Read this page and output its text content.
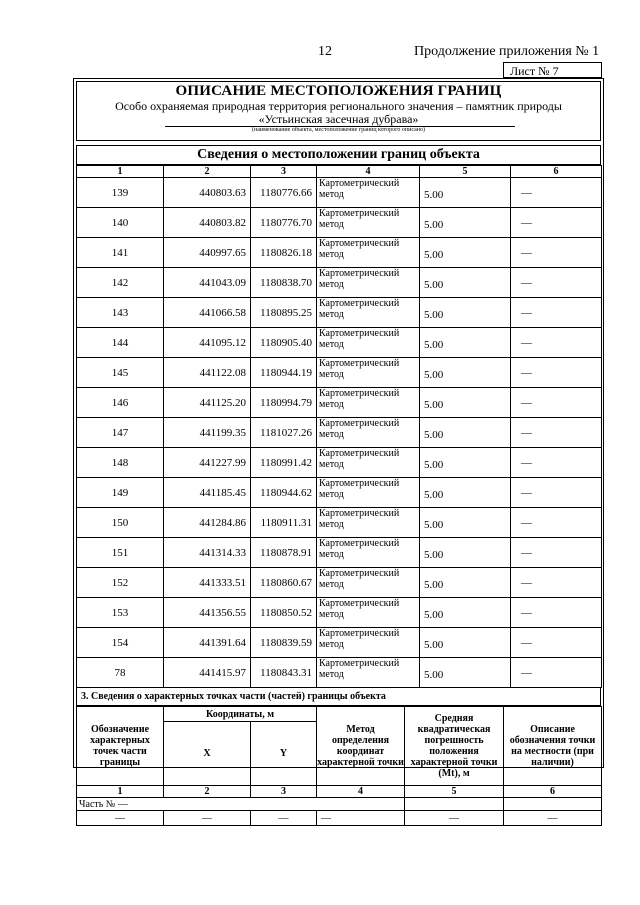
12	Продолжение приложения № 1
Лист № 7
ОПИСАНИЕ МЕСТОПОЛОЖЕНИЯ ГРАНИЦ
Особо охраняемая природная территория регионального значения – памятник природы
«Устьинская засечная дубрава»
(наименование объекта, местоположение границ которого описано)
Сведения о местоположении границ объекта
1	2	3	4	5	6
139	440803.63	1180776.66	Картометрический метод	5.00	—
140	440803.82	1180776.70	Картометрический метод	5.00	—
141	440997.65	1180826.18	Картометрический метод	5.00	—
142	441043.09	1180838.70	Картометрический метод	5.00	—
143	441066.58	1180895.25	Картометрический метод	5.00	—
144	441095.12	1180905.40	Картометрический метод	5.00	—
145	441122.08	1180944.19	Картометрический метод	5.00	—
146	441125.20	1180994.79	Картометрический метод	5.00	—
147	441199.35	1181027.26	Картометрический метод	5.00	—
148	441227.99	1180991.42	Картометрический метод	5.00	—
149	441185.45	1180944.62	Картометрический метод	5.00	—
150	441284.86	1180911.31	Картометрический метод	5.00	—
151	441314.33	1180878.91	Картометрический метод	5.00	—
152	441333.51	1180860.67	Картометрический метод	5.00	—
153	441356.55	1180850.52	Картометрический метод	5.00	—
154	441391.64	1180839.59	Картометрический метод	5.00	—
78	441415.97	1180843.31	Картометрический метод	5.00	—
3. Сведения о характерных точках части (частей) границы объекта
Обозначение характерных точек части границы	Координаты, м		Метод определения координат характерной точки	Средняя квадратическая погрешность положения характерной точки (Mt), м	Описание обозначения точки на местности (при наличии)
	X	Y			
1	2	3	4	5	6
Часть № —					
—	—	—	—	—	—
